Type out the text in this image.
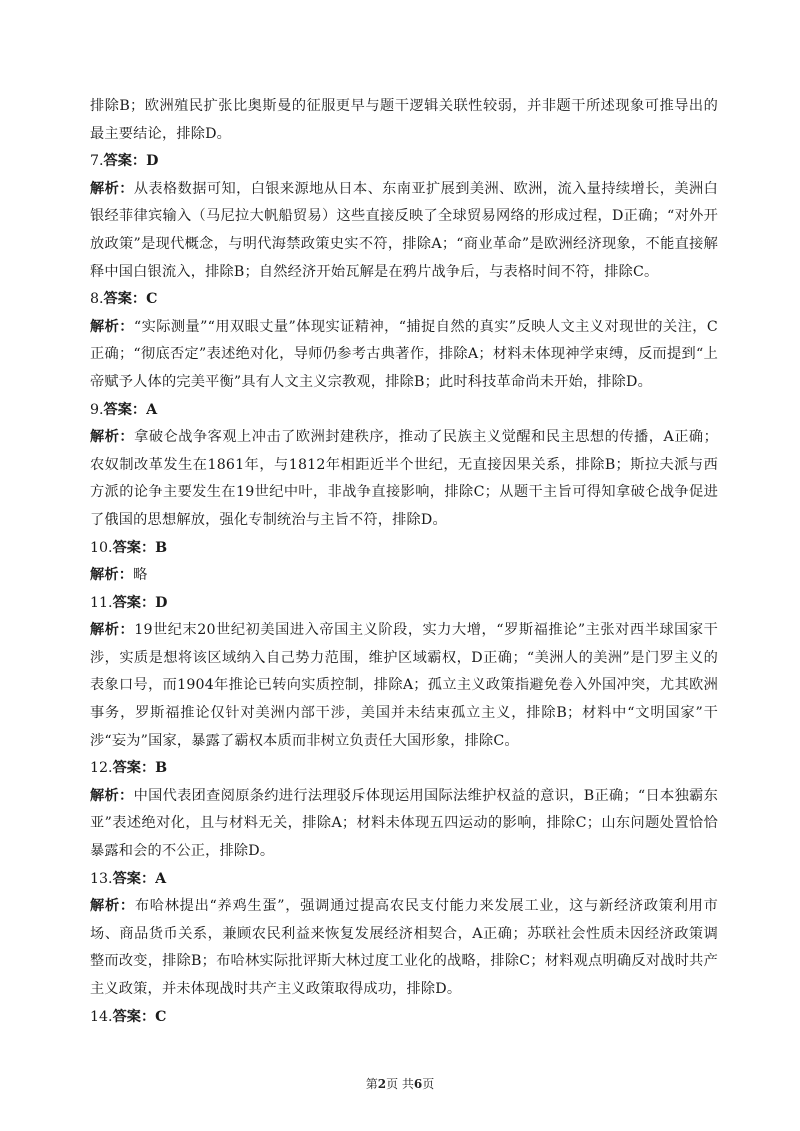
排除B；欧洲殖民扩张比奥斯曼的征服更早与题干逻辑关联性较弱，并非题干所述现象可推导出的最主要结论，排除D。

7.答案：D

解析：从表格数据可知，白银来源地从日本、东南亚扩展到美洲、欧洲，流入量持续增长，美洲白银经菲律宾输入（马尼拉大帆船贸易）这些直接反映了全球贸易网络的形成过程，D正确；“对外开放政策”是现代概念，与明代海禁政策史实不符，排除A；“商业革命”是欧洲经济现象，不能直接解释中国白银流入，排除B；自然经济开始瓦解是在鸦片战争后，与表格时间不符，排除C。

8.答案：C

解析：“实际测量”“用双眼丈量”体现实证精神，“捕捉自然的真实”反映人文主义对现世的关注，C正确；“彻底否定”表述绝对化，导师仍参考古典著作，排除A；材料未体现神学束缚，反而提到“上帝赋予人体的完美平衡”具有人文主义宗教观，排除B；此时科技革命尚未开始，排除D。

9.答案：A

解析：拿破仑战争客观上冲击了欧洲封建秩序，推动了民族主义觉醒和民主思想的传播，A正确；农奴制改革发生在1861年，与1812年相距近半个世纪，无直接因果关系，排除B；斯拉夫派与西方派的论争主要发生在19世纪中叶，非战争直接影响，排除C；从题干主旨可得知拿破仑战争促进了俄国的思想解放，强化专制统治与主旨不符，排除D。

10.答案：B

解析：略

11.答案：D

解析：19世纪末20世纪初美国进入帝国主义阶段，实力大增，“罗斯福推论”主张对西半球国家干涉，实质是想将该区域纳入自己势力范围，维护区域霸权，D正确；“美洲人的美洲”是门罗主义的表象口号，而1904年推论已转向实质控制，排除A；孤立主义政策指避免卷入外国冲突，尤其欧洲事务，罗斯福推论仅针对美洲内部干涉，美国并未结束孤立主义，排除B；材料中“文明国家”干涉“妄为”国家，暴露了霸权本质而非树立负责任大国形象，排除C。

12.答案：B

解析：中国代表团查阅原条约进行法理驳斥体现运用国际法维护权益的意识，B正确；“日本独霸东亚”表述绝对化，且与材料无关，排除A；材料未体现五四运动的影响，排除C；山东问题处置恰恰暴露和会的不公正，排除D。

13.答案：A

解析：布哈林提出“养鸡生蛋”，强调通过提高农民支付能力来发展工业，这与新经济政策利用市场、商品货币关系，兼顾农民利益来恢复发展经济相契合，A正确；苏联社会性质未因经济政策调整而改变，排除B；布哈林实际批评斯大林过度工业化的战略，排除C；材料观点明确反对战时共产主义政策，并未体现战时共产主义政策取得成功，排除D。

14.答案：C

第2页 共6页
